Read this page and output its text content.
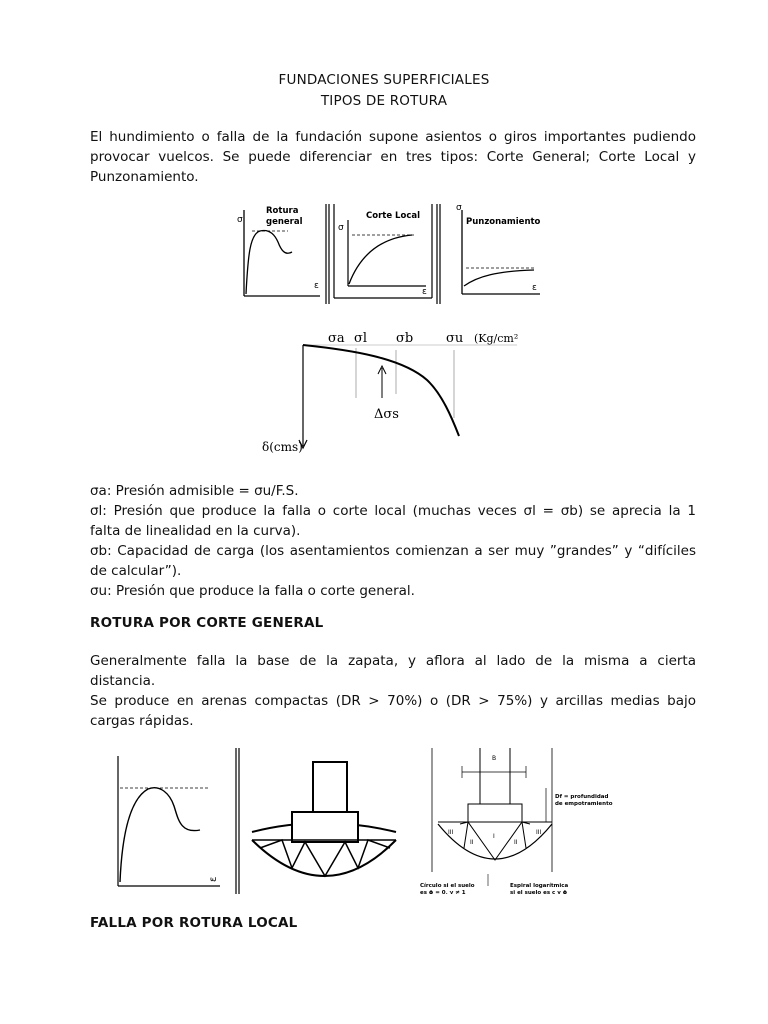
FUNDACIONES SUPERFICIALES
TIPOS DE ROTURA
El hundimiento o falla de la fundación supone asientos o giros importantes pudiendo
provocar vuelcos. Se puede diferenciar en tres tipos: Corte General; Corte Local y
Punzonamiento.
σ
Rotura
general
ε
σ
Corte Local
ε
σ
Punzonamiento
ε
σa σl σb	σu (Kg/cm²
Δσs
δ(cms)
σa: Presión admisible = σu/F.S.
σl: Presión que produce la falla o corte local (muchas veces σl = σb) se aprecia la 1
falta de linealidad en la curva).
σb: Capacidad de carga (los asentamientos comienzan a ser muy ”grandes” y “difíciles
de calcular”).
σu: Presión que produce la falla o corte general.
ROTURA POR CORTE GENERAL
Generalmente falla la base de la zapata, y aflora al lado de la misma a cierta
distancia.
Se produce en arenas compactas (DR > 70%) o (DR > 75%) y arcillas medias bajo
cargas rápidas.
ε
B
Df = profundidad
de empotramiento
I
II	II
III	III
Círculo si el suelo
es ϕ = 0, γ ≠ 1
Espiral logarítmica
si el suelo es c y ϕ
FALLA POR ROTURA LOCAL
